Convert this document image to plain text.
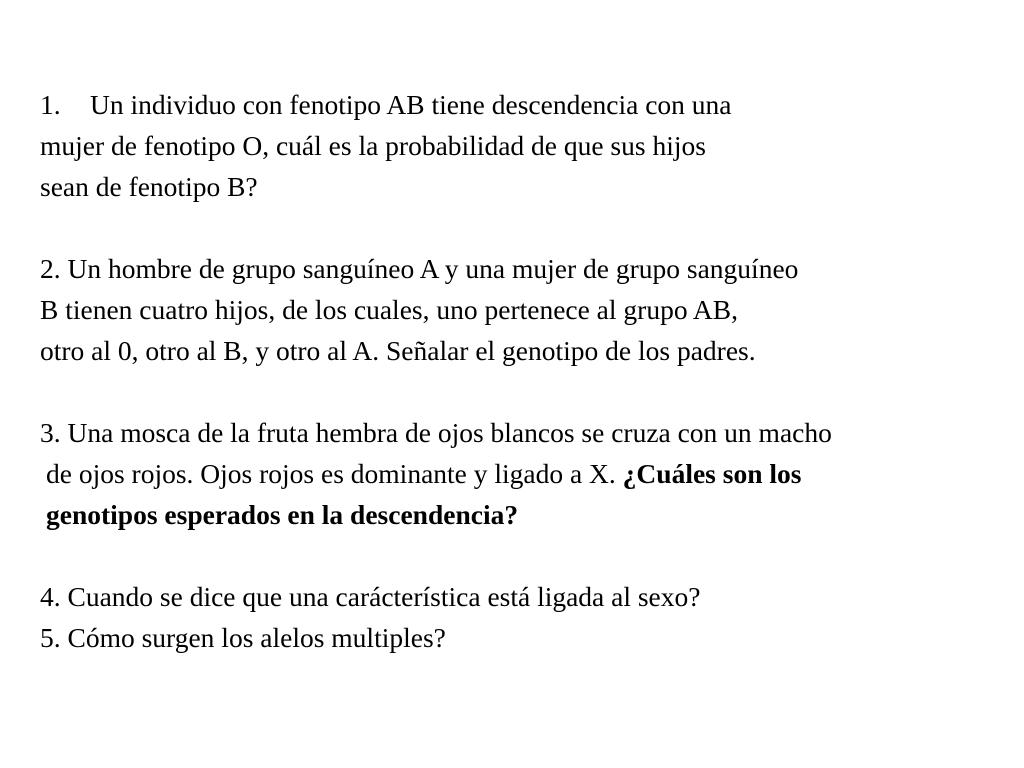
1. Un individuo con fenotipo AB tiene descendencia con una
mujer de fenotipo O, cuál es la probabilidad de que sus hijos
sean de fenotipo B?
2. Un hombre de grupo sanguíneo A y una mujer de grupo sanguíneo
B tienen cuatro hijos, de los cuales, uno pertenece al grupo AB,
otro al 0, otro al B, y otro al A. Señalar el genotipo de los padres.
3. Una mosca de la fruta hembra de ojos blancos se cruza con un macho
de ojos rojos. Ojos rojos es dominante y ligado a X. ¿Cuáles son los
genotipos esperados en la descendencia?
4. Cuando se dice que una carácterística está ligada al sexo?
5. Cómo surgen los alelos multiples?
